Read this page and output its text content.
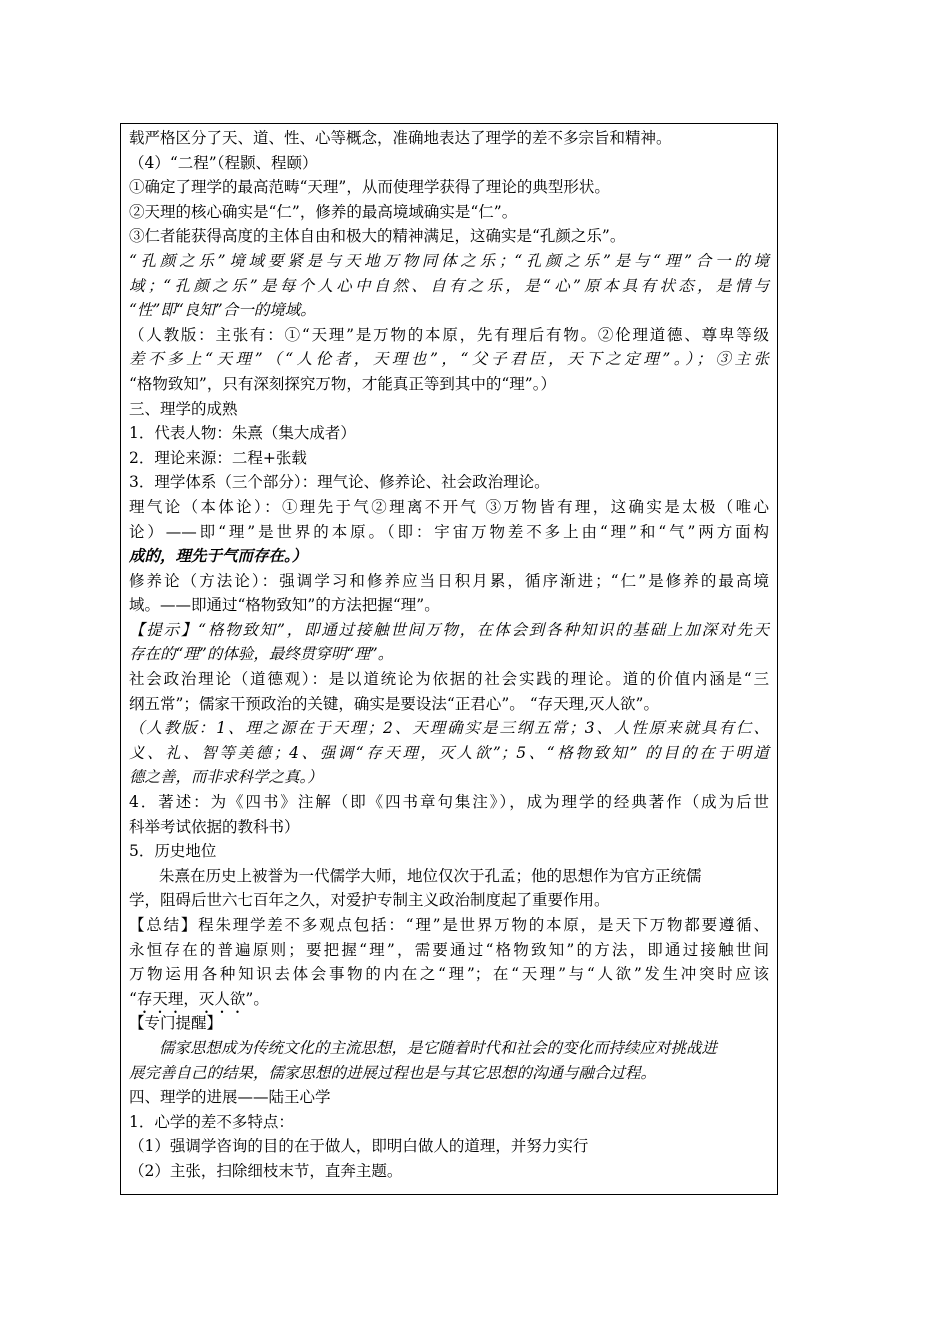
载严格区分了天、道、性、心等概念，准确地表达了理学的差不多宗旨和精神。
（4）“二程”（程颢、程颐）
①确定了理学的最高范畴“天理”，从而使理学获得了理论的典型形状。
②天理的核心确实是“仁”，修养的最高境域确实是“仁”。
③仁者能获得高度的主体自由和极大的精神满足，这确实是“孔颜之乐”。
“孔颜之乐”境域要紧是与天地万物同体之乐；“孔颜之乐”是与“理”合一的境
域；“孔颜之乐”是每个人心中自然、自有之乐，是“心”原本具有状态，是情与
“性”即“良知”合一的境域。
（人教版：主张有：①“天理”是万物的本原，先有理后有物。②伦理道德、尊卑等级
差不多上“天理”（“人伦者，天理也”，“父子君臣，天下之定理”。）；③主张
“格物致知”，只有深刻探究万物，才能真正等到其中的“理”。）
三、理学的成熟
1．代表人物：朱熹（集大成者）
2．理论来源：二程+张载
3．理学体系（三个部分）：理气论、修养论、社会政治理论。
理气论（本体论）：①理先于气②理离不开气 ③万物皆有理，这确实是太极（唯心
论）——即“理”是世界的本原。（即：宇宙万物差不多上由“理”和“气”两方面构
成的，理先于气而存在。）
修养论（方法论）：强调学习和修养应当日积月累，循序渐进；“仁”是修养的最高境
域。——即通过“格物致知”的方法把握“理”。
【提示】“格物致知”，即通过接触世间万物，在体会到各种知识的基础上加深对先天
存在的“理”的体验，最终贯穿明“理”。
社会政治理论（道德观）：是以道统论为依据的社会实践的理论。道的价值内涵是“三
纲五常”；儒家干预政治的关键，确实是要设法“正君心”。 “存天理,灭人欲”。
（人教版：1、理之源在于天理；2、天理确实是三纲五常；3、人性原来就具有仁、
义、礼、智等美德；4、强调“存天理，灭人欲”；5、“格物致知” 的目的在于明道
德之善，而非求科学之真。）
4．著述：为《四书》注解（即《四书章句集注》），成为理学的经典著作（成为后世
科举考试依据的教科书）
5．历史地位
朱熹在历史上被誉为一代儒学大师，地位仅次于孔孟；他的思想作为官方正统儒
学，阻碍后世六七百年之久，对爱护专制主义政治制度起了重要作用。
【总结】程朱理学差不多观点包括：“理”是世界万物的本原，是天下万物都要遵循、
永恒存在的普遍原则；要把握“理”，需要通过“格物致知”的方法，即通过接触世间
万物运用各种知识去体会事物的内在之“理”；在“天理”与“人欲”发生冲突时应该
“存天理，灭人欲”。
【专门提醒】
儒家思想成为传统文化的主流思想，是它随着时代和社会的变化而持续应对挑战进
展完善自己的结果，儒家思想的进展过程也是与其它思想的沟通与融合过程。
四、理学的进展——陆王心学
1．心学的差不多特点：
（1）强调学咨询的目的在于做人，即明白做人的道理，并努力实行
（2）主张，扫除细枝末节，直奔主题。
